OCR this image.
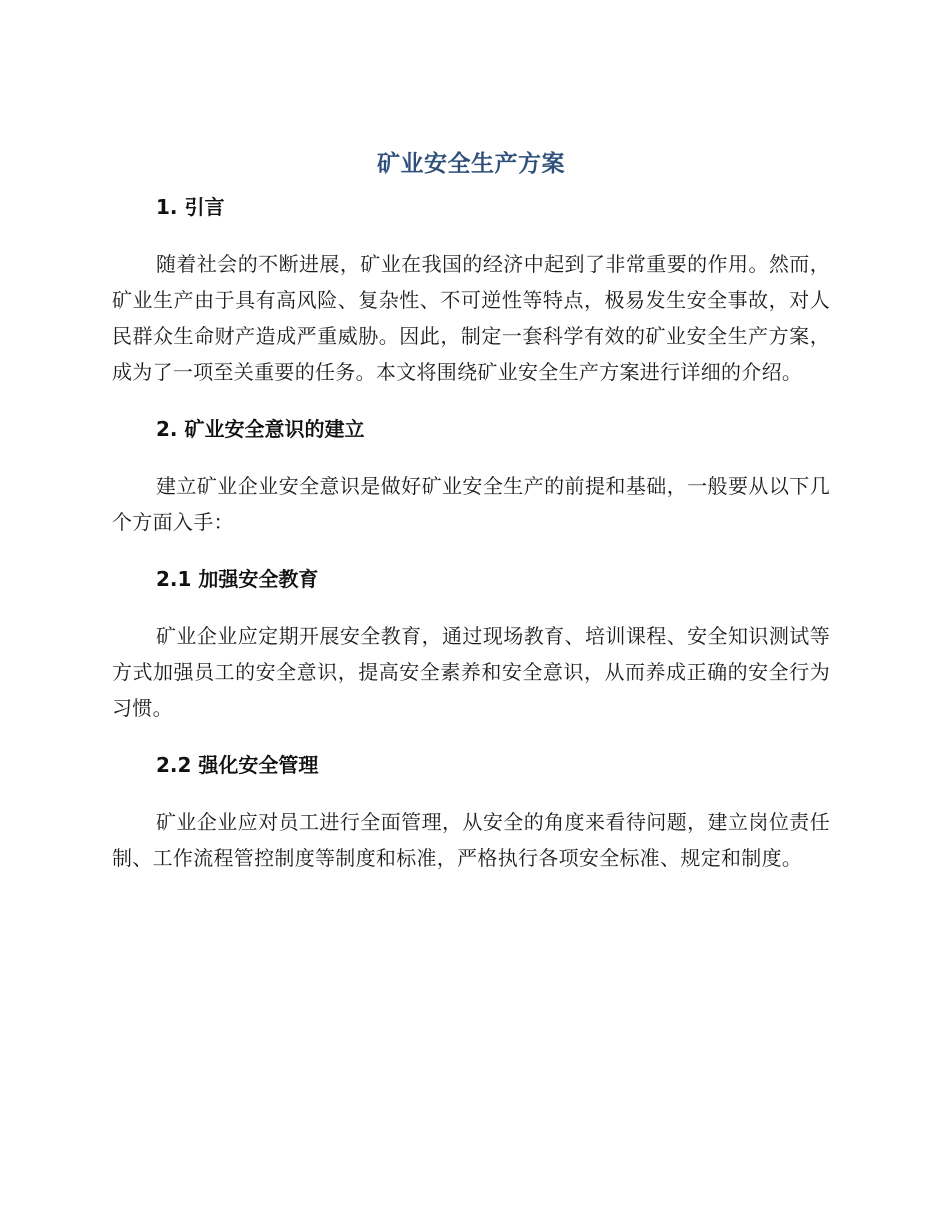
矿业安全生产方案
1. 引言

随着社会的不断进展，矿业在我国的经济中起到了非常重要的作用。然而，矿业生产由于具有高风险、复杂性、不可逆性等特点，极易发生安全事故，对人民群众生命财产造成严重威胁。因此，制定一套科学有效的矿业安全生产方案，成为了一项至关重要的任务。本文将围绕矿业安全生产方案进行详细的介绍。

2. 矿业安全意识的建立

建立矿业企业安全意识是做好矿业安全生产的前提和基础，一般要从以下几个方面入手：

2.1 加强安全教育

矿业企业应定期开展安全教育，通过现场教育、培训课程、安全知识测试等方式加强员工的安全意识，提高安全素养和安全意识，从而养成正确的安全行为习惯。

2.2 强化安全管理

矿业企业应对员工进行全面管理，从安全的角度来看待问题，建立岗位责任制、工作流程管控制度等制度和标准，严格执行各项安全标准、规定和制度。
